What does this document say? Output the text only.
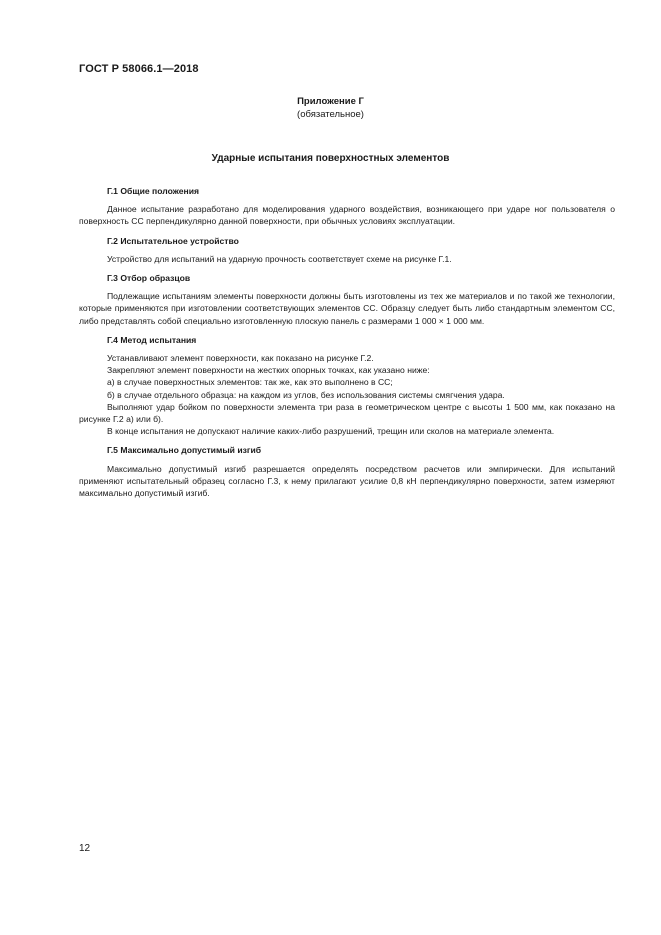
ГОСТ Р 58066.1—2018
Приложение Г
(обязательное)
Ударные испытания поверхностных элементов

Г.1 Общие положения

Данное испытание разработано для моделирования ударного воздействия, возникающего при ударе ног пользователя о поверхность СС перпендикулярно данной поверхности, при обычных условиях эксплуатации.

Г.2 Испытательное устройство

Устройство для испытаний на ударную прочность соответствует схеме на рисунке Г.1.

Г.3 Отбор образцов

Подлежащие испытаниям элементы поверхности должны быть изготовлены из тех же материалов и по такой же технологии, которые применяются при изготовлении соответствующих элементов СС. Образцу следует быть либо стандартным элементом СС, либо представлять собой специально изготовленную плоскую панель с размерами 1 000 × 1 000 мм.

Г.4 Метод испытания

Устанавливают элемент поверхности, как показано на рисунке Г.2.

Закрепляют элемент поверхности на жестких опорных точках, как указано ниже:

а) в случае поверхностных элементов: так же, как это выполнено в СС;

б) в случае отдельного образца: на каждом из углов, без использования системы смягчения удара.

Выполняют удар бойком по поверхности элемента три раза в геометрическом центре с высоты 1 500 мм, как показано на рисунке Г.2 а) или б).

В конце испытания не допускают наличие каких-либо разрушений, трещин или сколов на материале элемента.

Г.5 Максимально допустимый изгиб

Максимально допустимый изгиб разрешается определять посредством расчетов или эмпирически. Для испытаний применяют испытательный образец согласно Г.3, к нему прилагают усилие 0,8 кН перпендикулярно поверхности, затем измеряют максимально допустимый изгиб.

12
